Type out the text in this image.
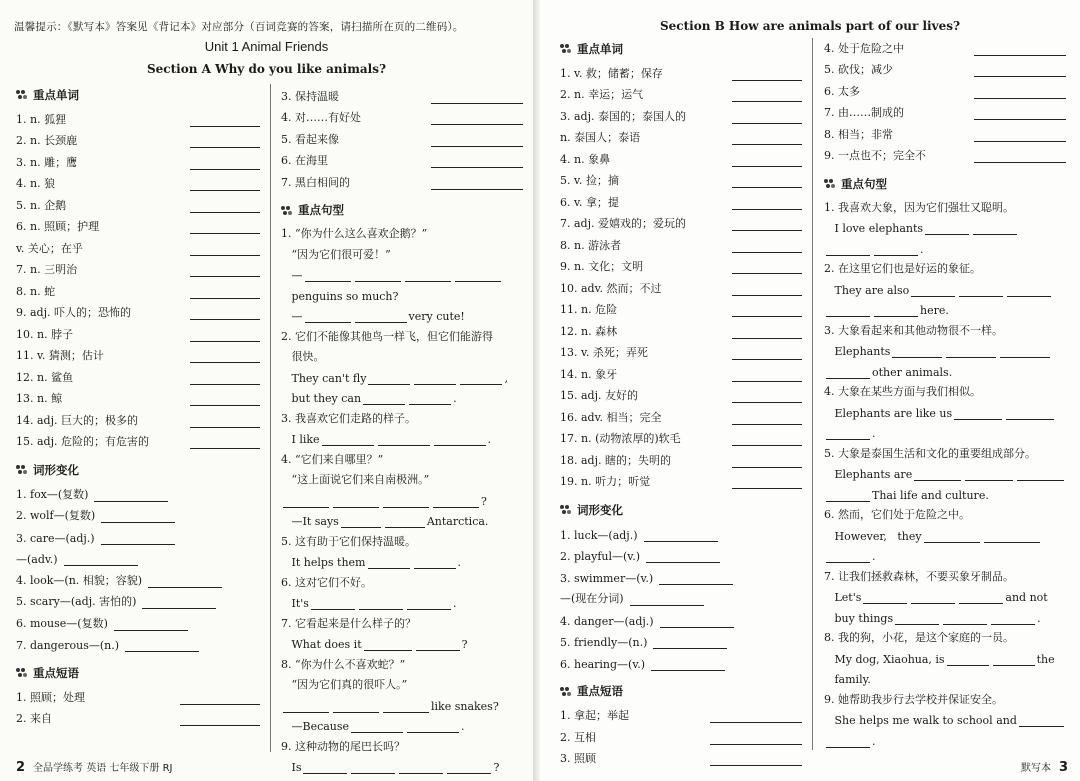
温馨提示：《默写本》答案见《背记本》对应部分（百词竞赛的答案，请扫描所在页的二维码）。
Unit 1 Animal Friends
Section A Why do you like animals?
重点单词
1. n. 狐狸
2. n. 长颈鹿
3. n. 雕；鹰
4. n. 狼
5. n. 企鹅
6. n. 照顾；护理
v. 关心；在乎
7. n. 三明治
8. n. 蛇
9. adj. 吓人的；恐怖的
10. n. 脖子
11. v. 猜测；估计
12. n. 鲨鱼
13. n. 鲸
14. adj. 巨大的；极多的
15. adj. 危险的；有危害的
词形变化
1. fox—(复数)
2. wolf—(复数)
3. care—(adj.)
—(adv.)
4. look—(n. 相貌；容貌)
5. scary—(adj. 害怕的)
6. mouse—(复数)
7. dangerous—(n.)
重点短语
1. 照顾；处理
2. 来自
3. 保持温暖
4. 对……有好处
5. 看起来像
6. 在海里
7. 黑白相间的
重点句型
1. “你为什么这么喜欢企鹅？”
“因为它们很可爱！”
—
penguins so much?
—	very cute!
2. 它们不能像其他鸟一样飞，但它们能游得
很快。
They can't fly	,
but they can	.
3. 我喜欢它们走路的样子。
I like	.
4. “它们来自哪里？”
“这上面说它们来自南极洲。”
?
—It says	Antarctica.
5. 这有助于它们保持温暖。
It helps them	.
6. 这对它们不好。
It's	.
7. 它看起来是什么样子的？
What does it	?
8. “你为什么不喜欢蛇？”
“因为它们真的很吓人。”
like snakes?
—Because	.
9. 这种动物的尾巴长吗？
Is	?
2 全品学练考 英语 七年级下册 RJ
Section B How are animals part of our lives?
重点单词
1. v. 救；储蓄；保存
2. n. 幸运；运气
3. adj. 泰国的；泰国人的
n. 泰国人；泰语
4. n. 象鼻
5. v. 捡；摘
6. v. 拿；提
7. adj. 爱嬉戏的；爱玩的
8. n. 游泳者
9. n. 文化；文明
10. adv. 然而；不过
11. n. 危险
12. n. 森林
13. v. 杀死；弄死
14. n. 象牙
15. adj. 友好的
16. adv. 相当；完全
17. n. (动物浓厚的)软毛
18. adj. 瞎的；失明的
19. n. 听力；听觉
词形变化
1. luck—(adj.)
2. playful—(v.)
3. swimmer—(v.)
—(现在分词)
4. danger—(adj.)
5. friendly—(n.)
6. hearing—(v.)
重点短语
1. 拿起；举起
2. 互相
3. 照顾
4. 处于危险之中
5. 砍伐；减少
6. 太多
7. 由……制成的
8. 相当；非常
9. 一点也不；完全不
重点句型
1. 我喜欢大象，因为它们强壮又聪明。
I love elephants
.
2. 在这里它们也是好运的象征。
They are also
here.
3. 大象看起来和其他动物很不一样。
Elephants
other animals.
4. 大象在某些方面与我们相似。
Elephants are like us
.
5. 大象是泰国生活和文化的重要组成部分。
Elephants are
Thai life and culture.
6. 然而，它们处于危险之中。
However,   they
.
7. 让我们拯救森林，不要买象牙制品。
Let's	and not
buy things	.
8. 我的狗，小花，是这个家庭的一员。
My dog, Xiaohua, is	the
family.
9. 她帮助我步行去学校并保证安全。
She helps me walk to school and
.
默写本 3
